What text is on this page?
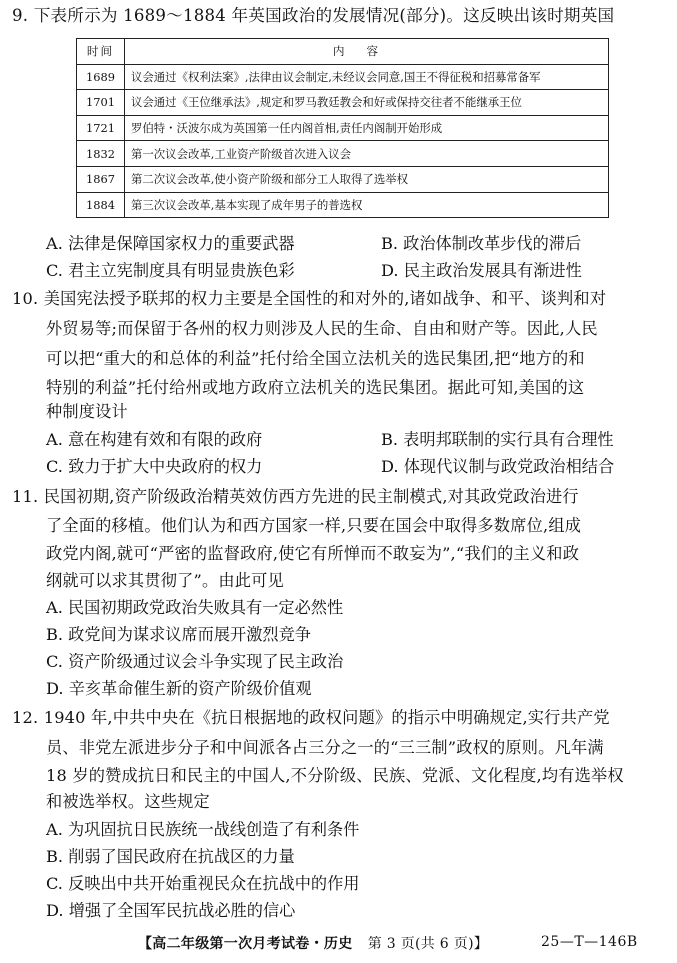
9. 下表所示为 1689～1884 年英国政治的发展情况(部分)。这反映出该时期英国
时间	内容
1689	议会通过《权利法案》,法律由议会制定,未经议会同意,国王不得征税和招募常备军
1701	议会通过《王位继承法》,规定和罗马教廷教会和好或保持交往者不能继承王位
1721	罗伯特・沃波尔成为英国第一任内阁首相,责任内阁制开始形成
1832	第一次议会改革,工业资产阶级首次进入议会
1867	第二次议会改革,使小资产阶级和部分工人取得了选举权
1884	第三次议会改革,基本实现了成年男子的普选权
A. 法律是保障国家权力的重要武器	B. 政治体制改革步伐的滞后
C. 君主立宪制度具有明显贵族色彩	D. 民主政治发展具有渐进性
10. 美国宪法授予联邦的权力主要是全国性的和对外的,诸如战争、和平、谈判和对
外贸易等;而保留于各州的权力则涉及人民的生命、自由和财产等。因此,人民
可以把“重大的和总体的利益”托付给全国立法机关的选民集团,把“地方的和
特别的利益”托付给州或地方政府立法机关的选民集团。据此可知,美国的这
种制度设计
A. 意在构建有效和有限的政府	B. 表明邦联制的实行具有合理性
C. 致力于扩大中央政府的权力	D. 体现代议制与政党政治相结合
11. 民国初期,资产阶级政治精英效仿西方先进的民主制模式,对其政党政治进行
了全面的移植。他们认为和西方国家一样,只要在国会中取得多数席位,组成
政党内阁,就可“严密的监督政府,使它有所惮而不敢妄为”,“我们的主义和政
纲就可以求其贯彻了”。由此可见
A. 民国初期政党政治失败具有一定必然性
B. 政党间为谋求议席而展开激烈竞争
C. 资产阶级通过议会斗争实现了民主政治
D. 辛亥革命催生新的资产阶级价值观
12. 1940 年,中共中央在《抗日根据地的政权问题》的指示中明确规定,实行共产党
员、非党左派进步分子和中间派各占三分之一的“三三制”政权的原则。凡年满
18 岁的赞成抗日和民主的中国人,不分阶级、民族、党派、文化程度,均有选举权
和被选举权。这些规定
A. 为巩固抗日民族统一战线创造了有利条件
B. 削弱了国民政府在抗战区的力量
C. 反映出中共开始重视民众在抗战中的作用
D. 增强了全国军民抗战必胜的信心
【高二年级第一次月考试卷・历史 第 3 页(共 6 页)】	25—T—146B
